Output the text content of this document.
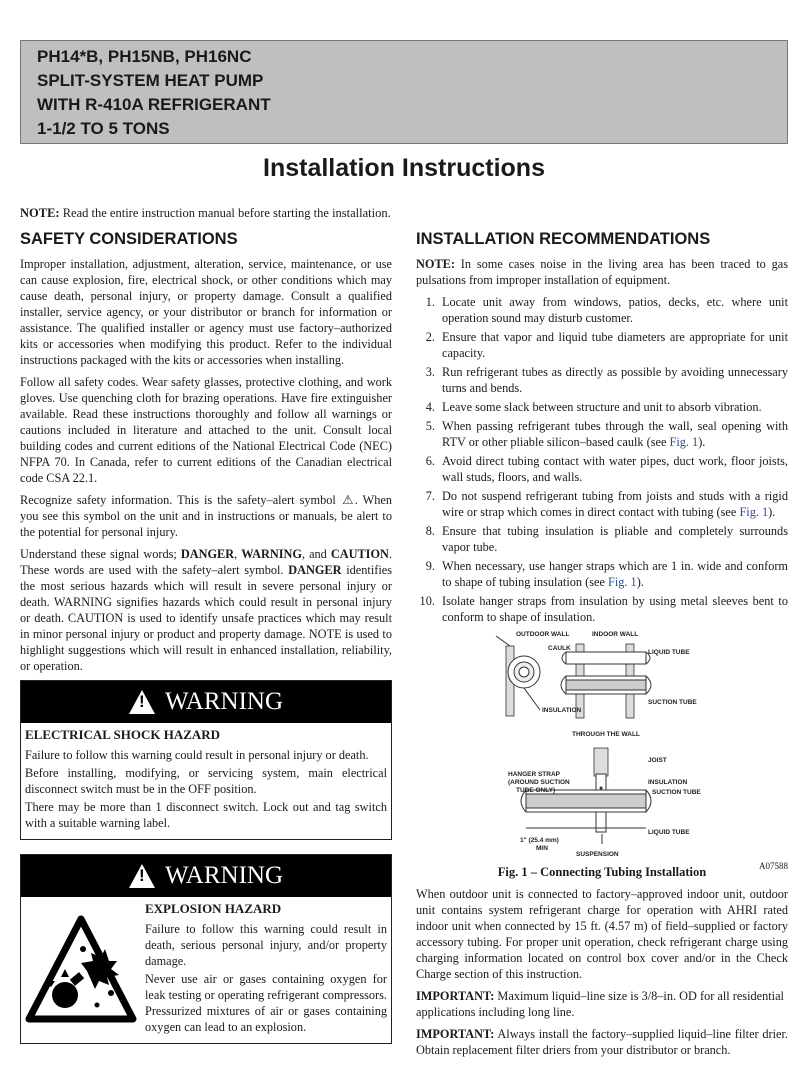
PH14*B, PH15NB, PH16NC
SPLIT-SYSTEM HEAT PUMP
WITH R-410A REFRIGERANT
1-1/2 TO 5 TONS
Installation Instructions
NOTE: Read the entire instruction manual before starting the installation.
SAFETY CONSIDERATIONS

Improper installation, adjustment, alteration, service, maintenance, or use can cause explosion, fire, electrical shock, or other conditions which may cause death, personal injury, or property damage. Consult a qualified installer, service agency, or your distributor or branch for information or assistance. The qualified installer or agency must use factory–authorized kits or accessories when modifying this product. Refer to the individual instructions packaged with the kits or accessories when installing.

Follow all safety codes. Wear safety glasses, protective clothing, and work gloves. Use quenching cloth for brazing operations. Have fire extinguisher available. Read these instructions thoroughly and follow all warnings or cautions included in literature and attached to the unit. Consult local building codes and current editions of the National Electrical Code (NEC) NFPA 70. In Canada, refer to current editions of the Canadian electrical code CSA 22.1.

Recognize safety information. This is the safety–alert symbol ⚠. When you see this symbol on the unit and in instructions or manuals, be alert to the potential for personal injury.

Understand these signal words; DANGER, WARNING, and CAUTION. These words are used with the safety–alert symbol. DANGER identifies the most serious hazards which will result in severe personal injury or death. WARNING signifies hazards which could result in personal injury or death. CAUTION is used to identify unsafe practices which may result in minor personal injury or product and property damage. NOTE is used to highlight suggestions which will result in enhanced installation, reliability, or operation.

! WARNING
ELECTRICAL SHOCK HAZARD

Failure to follow this warning could result in personal injury or death.

Before installing, modifying, or servicing system, main electrical disconnect switch must be in the OFF position.

There may be more than 1 disconnect switch. Lock out and tag switch with a suitable warning label.

! WARNING
EXPLOSION HAZARD

Failure to follow this warning could result in death, serious personal injury, and/or property damage.

Never use air or gases containing oxygen for leak testing or operating refrigerant compressors. Pressurized mixtures of air or gases containing oxygen can lead to an explosion.

INSTALLATION RECOMMENDATIONS

NOTE: In some cases noise in the living area has been traced to gas pulsations from improper installation of equipment.

1. Locate unit away from windows, patios, decks, etc. where unit operation sound may disturb customer.
2. Ensure that vapor and liquid tube diameters are appropriate for unit capacity.
3. Run refrigerant tubes as directly as possible by avoiding unnecessary turns and bends.
4. Leave some slack between structure and unit to absorb vibration.
5. When passing refrigerant tubes through the wall, seal opening with RTV or other pliable silicon–based caulk (see Fig. 1).
6. Avoid direct tubing contact with water pipes, duct work, floor joists, wall studs, floors, and walls.
7. Do not suspend refrigerant tubing from joists and studs with a rigid wire or strap which comes in direct contact with tubing (see Fig. 1).
8. Ensure that tubing insulation is pliable and completely surrounds vapor tube.
9. When necessary, use hanger straps which are 1 in. wide and conform to shape of tubing insulation (see Fig. 1).
10. Isolate hanger straps from insulation by using metal sleeves bent to conform to shape of insulation.
OUTDOOR WALL	INDOOR WALL
CAULK
LIQUID TUBE
SUCTION TUBE
INSULATION
THROUGH THE WALL
JOIST
HANGER STRAP
(AROUND SUCTION
TUBE ONLY)
INSULATION
SUCTION TUBE
1" (25.4 mm)
MIN
LIQUID TUBE
SUSPENSION
Fig. 1 – Connecting Tubing Installation	A07588

When outdoor unit is connected to factory–approved indoor unit, outdoor unit contains system refrigerant charge for operation with AHRI rated indoor unit when connected by 15 ft. (4.57 m) of field–supplied or factory accessory tubing. For proper unit operation, check refrigerant charge using charging information located on control box cover and/or in the Check Charge section of this instruction.

IMPORTANT: Maximum liquid–line size is 3/8–in. OD for all residential applications including long line.

IMPORTANT: Always install the factory–supplied liquid–line filter drier. Obtain replacement filter driers from your distributor or branch.
